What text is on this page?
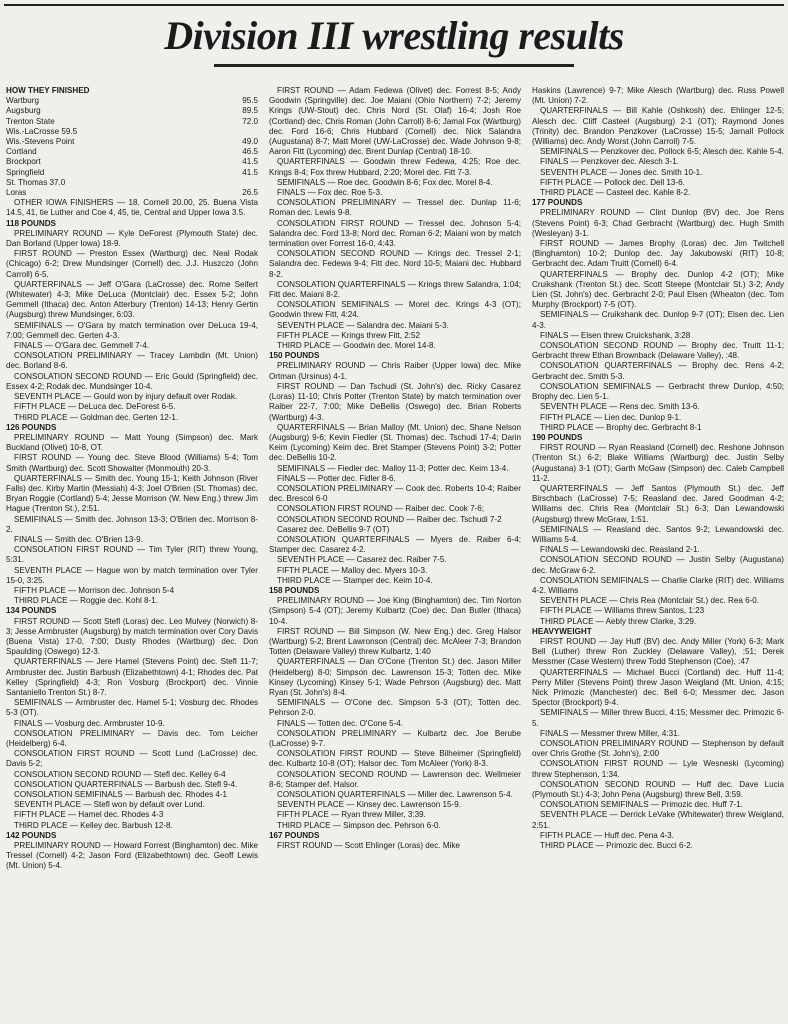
Division III wrestling results
HOW THEY FINISHED
Wartburg	95.5
Augsburg	89.5
Trenton State	72.0
Wis.-LaCrosse 59.5
Wis.-Stevens Point	49.0
Cortland	46.5
Brockport	41.5
Springfield	41.5
St. Thomas 37.0
Loras	26.5

OTHER IOWA FINISHERS — 18. Cornell 20.00, 25. Buena Vista 14.5, 41, tie Luther and Coe 4, 45, tie, Central and Upper Iowa 3.5.

118 POUNDS

PRELIMINARY ROUND — Kyle DeForest (Plymouth State) dec. Dan Borland (Upper Iowa) 18-9.

FIRST ROUND — Preston Essex (Wartburg) dec. Neal Rodak (Chicago) 6-2; Drew Mundsinger (Cornell) dec. J.J. Huszczo (John Carroll) 6-5.

QUARTERFINALS — Jeff O'Gara (LaCrosse) dec. Rome Seifert (Whitewater) 4-3; Mike DeLuca (Montclair) dec. Essex 5-2; John Gemmell (Ithaca) dec. Anton Atterbury (Trenton) 14-13; Henry Gertin (Augsburg) threw Mundsinger, 6:03.

SEMIFINALS — O'Gara by match termination over DeLuca 19-4, 7:00; Gemmell dec. Gerten 4-3.

FINALS — O'Gara dec. Gemmell 7-4.

CONSOLATION PRELIMINARY — Tracey Lambdin (Mt. Union) dec. Borland 8-6.

CONSOLATION SECOND ROUND — Eric Gould (Springfield) dec. Essex 4-2; Rodak dec. Mundsinger 10-4.

SEVENTH PLACE — Gould won by injury default over Rodak.

FIFTH PLACE — DeLuca dec. DeForest 6-5.

THIRD PLACE — Goldman dec. Gerten 12-1.

126 POUNDS

PRELIMINARY ROUND — Matt Young (Simpson) dec. Mark Buckland (Olivet) 10-8, OT.

FIRST ROUND — Young dec. Steve Blood (Williams) 5-4; Tom Smith (Wartburg) dec. Scott Showalter (Monmouth) 20-3.

QUARTERFINALS — Smith dec. Young 15-1; Keith Johnson (River Falls) dec. Kirby Martin (Messiah) 4-3; Joel O'Brien (St. Thomas) dec. Bryan Roggie (Cortland) 5-4; Jesse Morrison (W. New Eng.) threw Jim Hague (Trenton St.), 2:51.

SEMIFINALS — Smith dec. Johnson 13-3; O'Brien dec. Morrison 8-2.

FINALS — Smith dec. O'Brien 13-9.

CONSOLATION FIRST ROUND — Tim Tyler (RIT) threw Young, 5:31.

SEVENTH PLACE — Hague won by match termination over Tyler 15-0, 3:25.

FIFTH PLACE — Morrison dec. Johnson 5-4

THIRD PLACE — Roggie dec. Kohl 8-1.

134 POUNDS

FIRST ROUND — Scott Stefl (Loras) dec. Leo Mulvey (Norwich) 8-3; Jesse Armbruster (Augsburg) by match termination over Cory Davis (Buena Vista) 17-0, 7:00; Dusty Rhodes (Wartburg) dec. Don Spaulding (Oswego) 12-3.

QUARTERFINALS — Jere Hamel (Stevens Point) dec. Stefl 11-7; Armbruster dec. Justin Barbush (Elizabethtown) 4-1; Rhodes dec. Pat Kelley (Springfield) 4-3; Ron Vosburg (Brockport) dec. Vinnie Santaniello Trenton St.) 8-7.

SEMIFINALS — Armbruster dec. Hamel 5-1; Vosburg dec. Rhodes 5-3 (OT).

FINALS — Vosburg dec. Armbruster 10-9.

CONSOLATION PRELIMINARY — Davis dec. Tom Leicher (Heidelberg) 6-4.

CONSOLATION FIRST ROUND — Scott Lund (LaCrosse) dec. Davis 5-2;

CONSOLATION SECOND ROUND — Stefl dec. Kelley 6-4

CONSOLATION QUARTERFINALS — Barbush dec. Stefl 9-4.

CONSOLATION SEMIFINALS — Barbush dec. Rhodes 4-1

SEVENTH PLACE — Stefl won by default over Lund.

FIFTH PLACE — Hamel dec. Rhodes 4-3

THIRD PLACE — Kelley dec. Barbush 12-8.

142 POUNDS

PRELIMINARY ROUND — Howard Forrest (Binghamton) dec. Mike Tressel (Cornell) 4-2; Jason Ford (Elizabethtown) dec. Geoff Lewis (Mt. Union) 5-4.

FIRST ROUND — Adam Fedewa (Olivet) dec. Forrest 8-5; Andy Goodwin (Springville) dec. Joe Maiani (Ohio Northern) 7-2; Jeremy Krings (UW-Stout) dec. Chris Nord (St. Olaf) 16-4; Josh Roe (Cortland) dec. Chris Roman (John Carroll) 8-6; Jamal Fox (Wartburg) dec. Ford 16-6; Chris Hubbard (Cornell) dec. Nick Salandra (Augustana) 8-7; Matt Morel (UW-LaCrosse) dec. Wade Johnson 9-8; Aaron Fitt (Lycoming) dec. Brent Dunlap (Central) 18-10.

QUARTERFINALS — Goodwin threw Fedewa, 4:25; Roe dec. Krings 8-4; Fox threw Hubbard, 2:20; Morel dec. Fitt 7-3.

SEMIFINALS — Roe dec. Goodwin 8-6; Fox dec. Morel 8-4.

FINALS — Fox dec. Roe 5-3.

CONSOLATION PRELIMINARY — Tressel dec. Dunlap 11-6; Roman dec. Lewis 9-8.

CONSOLATION FIRST ROUND — Tressel dec. Johnson 5-4; Salandra dec. Ford 13-8; Nord dec. Roman 6-2; Maiani won by match termination over Forrest 16-0, 4:43.

CONSOLATION SECOND ROUND — Krings dec. Tressel 2-1; Salandra dec. Fedewa 9-4; Fitt dec. Nord 10-5; Maiani dec. Hubbard 8-2.

CONSOLATION QUARTERFINALS — Krings threw Salandra, 1:04; Fitt dec. Maiani 8-2.

CONSOLATION SEMIFINALS — Morel dec. Krings 4-3 (OT); Goodwin threw Fitt, 4:24.

SEVENTH PLACE — Salandra dec. Maiani 5-3.

FIFTH PLACE — Krings threw Fitt, 2:52

THIRD PLACE — Goodwin dec. Morel 14-8.

150 POUNDS

PRELIMINARY ROUND — Chris Raiber (Upper Iowa) dec. Mike Ortman (Ursinus) 4-1.

FIRST ROUND — Dan Tschudi (St. John's) dec. Ricky Casarez (Loras) 11-10; Chris Potter (Trenton State) by match termination over Raiber 22-7, 7:00; Mike DeBellis (Oswego) dec. Brian Roberts (Wartburg) 4-3.

QUARTERFINALS — Brian Malloy (Mt. Union) dec. Shane Nelson (Augsburg) 9-6; Kevin Fiedler (St. Thomas) dec. Tschudi 17-4; Darin Keim (Lycoming) Keim dec. Bret Stamper (Stevens Point) 3-2; Potter dec. DeBellis 10-2.

SEMIFINALS — Fiedler dec. Malloy 11-3; Potter dec. Keim 13-4.

FINALS — Potter dec. Fidler 8-6.

CONSOLATION PRELIMINARY — Cook dec. Roberts 10-4; Raiber dec. Brescol 6-0

CONSOLATION FIRST ROUND — Raiber dec. Cook 7-6;

CONSOLATION SECOND ROUND — Raiber dec. Tschudi 7-2

Casarez dec. DeBellis 9-7 (OT)

CONSOLATION QUARTERFINALS — Myers de. Raiber 6-4; Stamper dec. Casarez 4-2.

SEVENTH PLACE — Casarez dec. Raiber 7-5.

FIFTH PLACE — Malloy dec. Myers 10-3.

THIRD PLACE — Stamper dec. Keim 10-4.

158 POUNDS

PRELIMINARY ROUND — Joe King (Binghamton) dec. Tim Norton (Simpson) 5-4 (OT); Jeremy Kulbartz (Coe) dec. Dan Butler (Ithaca) 10-4.

FIRST ROUND — Bill Simpson (W. New Eng.) dec. Greg Halsor (Wartburg) 5-2; Brent Lawronson (Central) dec. McAleer 7-3; Brandon Totten (Delaware Valley) threw Kulbartz, 1:40

QUARTERFINALS — Dan O'Cone (Trenton St.) dec. Jason Miller (Heidelberg) 8-0; Simpson dec. Lawrenson 15-3; Totten dec. Mike Kinsey (Lycoming) Kinsey 5-1; Wade Pehrson (Augsburg) dec. Matt Ryan (St. John's) 8-4.

SEMIFINALS — O'Cone dec. Simpson 5-3 (OT); Totten dec. Pehrson 2-0.

FINALS — Totten dec. O'Cone 5-4.

CONSOLATION PRELIMINARY — Kulbartz dec. Joe Berube (LaCrosse) 9-7.

CONSOLATION FIRST ROUND — Steve Bilheimer (Springfield) dec. Kulbartz 10-8 (OT); Halsor dec. Tom McAleer (York) 8-3.

CONSOLATION SECOND ROUND — Lawrenson dec. Wellmeier 8-6; Stamper def. Halsor.

CONSOLATION QUARTERFINALS — Miller dec. Lawrenson 5-4.

SEVENTH PLACE — Kinsey dec. Lawrenson 15-9.

FIFTH PLACE — Ryan threw Miller, 3:39.

THIRD PLACE — Simpson dec. Pehrson 6-0.

167 POUNDS

FIRST ROUND — Scott Ehlinger (Loras) dec. Mike

Haskins (Lawrence) 9-7; Mike Alesch (Wartburg) dec. Russ Powell (Mt. Union) 7-2.

QUARTERFINALS — Bill Kahle (Oshkosh) dec. Ehlinger 12-5; Alesch dec. Cliff Casteel (Augsburg) 2-1 (OT); Raymond Jones (Trinity) dec. Brandon Penzkover (LaCrosse) 15-5; Jarnall Pollock (Williams) dec. Andy Worst (John Carroll) 7-5.

SEMIFINALS — Penzkover dec. Pollock 6-5; Alesch dec. Kahle 5-4.

FINALS — Penzkover dec. Alesch 3-1.

SEVENTH PLACE — Jones dec. Smith 10-1.

FIFTH PLACE — Pollock dec. Dell 13-6.

THIRD PLACE — Casteel dec. Kahle 8-2.

177 POUNDS

PRELIMINARY ROUND — Clint Dunlop (BV) dec. Joe Rens (Stevens Point) 6-3; Chad Gerbracht (Wartburg) dec. Hugh Smith (Wesleyan) 3-1.

FIRST ROUND — James Brophy (Loras) dec. Jim Twitchell (Binghamton) 10-2; Dunlop dec. Jay Jakubowski (RIT) 10-8; Gerbracht dec. Adam Truitt (Cornell) 6-4.

QUARTERFINALS — Brophy dec. Dunlop 4-2 (OT); Mike Cruikshank (Trenton St.) dec. Scott Steepe (Montclair St.) 3-2; Andy Lien (St. John's) dec. Gerbracht 2-0; Paul Elsen (Wheaton (dec. Tom Murphy (Brockport) 7-5 (OT).

SEMIFINALS — Cruikshank dec. Dunlop 9-7 (OT); Elsen dec. Lien 4-3.

FINALS — Elsen threw Cruickshank, 3:28

CONSOLATION SECOND ROUND — Brophy dec. Truitt 11-1; Gerbracht threw Ethan Brownback (Delaware Valley), :48.

CONSOLATION QUARTERFINALS — Brophy dec. Rens 4-2; Gerbracht dec. Smith 5-3.

CONSOLATION SEMIFINALS — Gerbracht threw Dunlop, 4:50; Brophy dec. Lien 5-1.

SEVENTH PLACE — Rens dec. Smith 13-6.

FIFTH PLACE — Lien dec. Dunlop 9-1.

THIRD PLACE — Brophy dec. Gerbracht 8-1

190 POUNDS

FIRST ROUND — Ryan Reasland (Cornell) dec. Reshone Johnson (Trenton St.) 6-2; Blake Williams (Wartburg) dec. Justin Selby (Augustana) 3-1 (OT); Garth McGaw (Simpson) dec. Caleb Campbell 11-2.

QUARTERFINALS — Jeff Santos (Plymouth St.) dec. Jeff Birschbach (LaCrosse) 7-5; Reasland dec. Jared Goodman 4-2; Williams dec. Chris Rea (Montclair St.) 6-3; Dan Lewandowski (Augsburg) threw McGraw, 1:51.

SEMIFINALS — Reasland dec. Santos 9-2; Lewandowski dec. Williams 5-4.

FINALS — Lewandowski dec. Reasland 2-1.

CONSOLATION SECOND ROUND — Justin Selby (Augustana) dec. McGraw 6-2.

CONSOLATION SEMIFINALS — Charlie Clarke (RIT) dec. Williams 4-2. Williams

SEVENTH PLACE — Chris Rea (Montclair St.) dec. Rea 6-0.

FIFTH PLACE — Williams threw Santos, 1:23

THIRD PLACE — Aebly threw Clarke, 3:29.

HEAVYWEIGHT

FIRST ROUND — Jay Huff (BV) dec. Andy Miller (York) 6-3; Mark Bell (Luther) threw Ron Zuckley (Delaware Valley), :51; Derek Messmer (Case Western) threw Todd Stephenson (Coe), :47

QUARTERFINALS — Michael Bucci (Cortland) dec. Huff 11-4; Perry Miller (Stevens Point) threw Jason Weigland (Mt. Union, 4:15; Nick Primozic (Manchester) dec. Bell 6-0; Messmer dec. Jason Spector (Brockport) 9-4.

SEMIFINALS — Miller threw Bucci, 4:15; Messmer dec. Primozic 6-5.

FINALS — Messmer threw Miller, 4:31.

CONSOLATION PRELIMINARY ROUND — Stephenson by default over Chris Grothe (St. John's), 2:00

CONSOLATION FIRST ROUND — Lyle Wesneski (Lycoming) threw Stephenson, 1:34.

CONSOLATION SECOND ROUND — Huff dec. Dave Lucia (Plymouth St.) 4-3; John Pena (Augsburg) threw Bell, 3:59.

CONSOLATION SEMIFINALS — Primozic dec. Huff 7-1.

SEVENTH PLACE — Derrick LeVake (Whitewater) threw Weigland, 2:51.

FIFTH PLACE — Huff dec. Pena 4-3.

THIRD PLACE — Primozic dec. Bucci 6-2.
